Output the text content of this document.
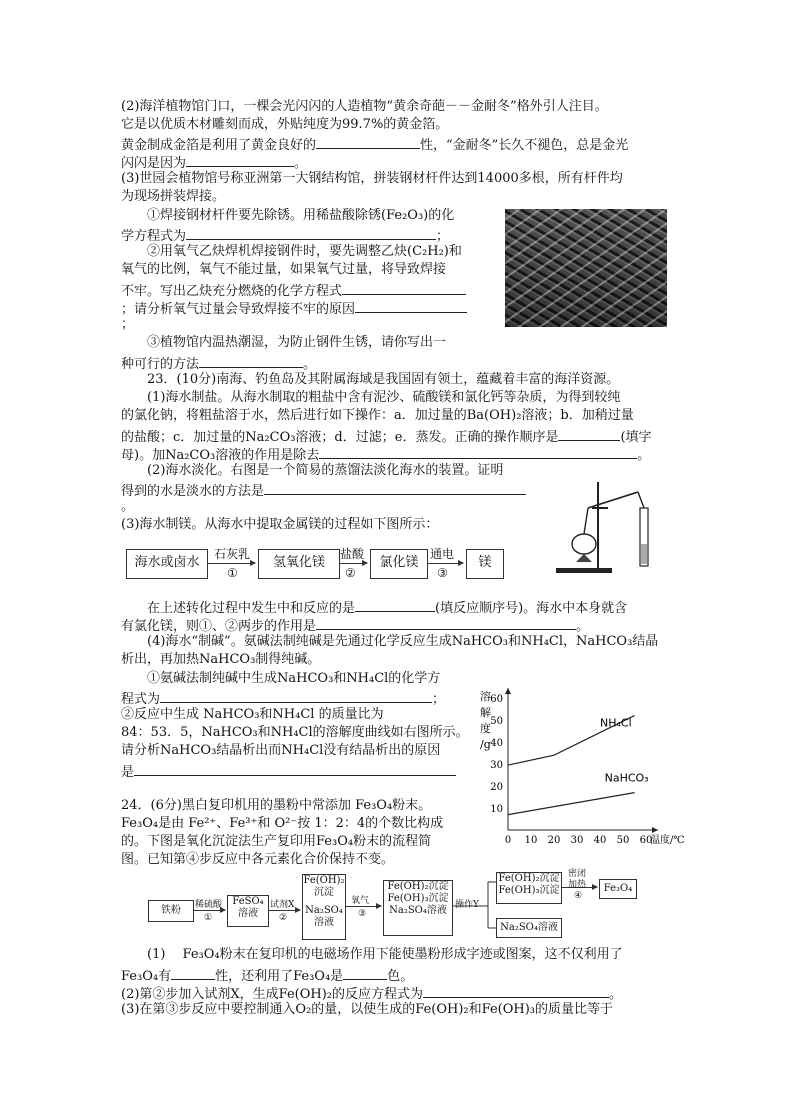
(2)海洋植物馆门口，一棵会光闪闪的人造植物“黄余奇葩－－金耐冬”格外引人注目。
它是以优质木材雕刻而成，外贴纯度为99.7%的黄金箔。
黄金制成金箔是利用了黄金良好的	性，“金耐冬”长久不褪色，总是金光
闪闪是因为	。
(3)世园会植物馆号称亚洲第一大钢结构馆，拼装钢材杆件达到14000多根，所有杆件均
为现场拼装焊接。
①焊接钢材杆件要先除锈。用稀盐酸除锈(Fe₂O₃)的化
学方程式为	；
②用氧气乙炔焊机焊接钢件时，要先调整乙炔(C₂H₂)和
氧气的比例，氧气不能过量，如果氧气过量，将导致焊接
不牢。写出乙炔充分燃烧的化学方程式
；请分析氧气过量会导致焊接不牢的原因
；
③植物馆内温热潮湿，为防止钢件生锈，请你写出一
种可行的方法	。
23．(10分)南海、钓鱼岛及其附属海域是我国固有领土，蕴藏着丰富的海洋资源。
(1)海水制盐。从海水制取的粗盐中含有泥沙、硫酸镁和氯化钙等杂质，为得到较纯
的氯化钠，将粗盐溶于水，然后进行如下操作：a．加过量的Ba(OH)₂溶液；b．加稍过量
的盐酸；c．加过量的Na₂CO₃溶液；d．过滤；e．蒸发。正确的操作顺序是	(填字
母)。加Na₂CO₃溶液的作用是除去	。
(2)海水淡化。右图是一个简易的蒸馏法淡化海水的装置。证明
得到的水是淡水的方法是
。
(3)海水制镁。从海水中提取金属镁的过程如下图所示：
海水或卤水
石灰乳
①
氢氧化镁
盐酸
②
氯化镁
通电
③
镁
在上述转化过程中发生中和反应的是	(填反应顺序号)。海水中本身就含
有氯化镁，则①、②两步的作用是	。
(4)海水“制碱”。氨碱法制纯碱是先通过化学反应生成NaHCO₃和NH₄Cl，NaHCO₃结晶
析出，再加热NaHCO₃制得纯碱。
①氨碱法制纯碱中生成NaHCO₃和NH₄Cl的化学方
程式为	；
②反应中生成 NaHCO₃和NH₄Cl 的质量比为
84：53．5，NaHCO₃和NH₄Cl的溶解度曲线如右图所示。
请分析NaHCO₃结晶析出而NH₄Cl没有结晶析出的原因
是
24．(6分)黑白复印机用的墨粉中常添加 Fe₃O₄粉末。
Fe₃O₄是由 Fe²⁺、Fe³⁺和 O²⁻按 1：2：4的个数比构成
的。下图是氧化沉淀法生产复印用Fe₃O₄粉末的流程简
图。已知第④步反应中各元素化合价保持不变。
0 10 20 30 40 50 60
10
20
30
40
50
60
温度/℃
溶
解
度
/g
NH₄Cl
NaHCO₃
铁粉	稀硫酸
①
FeSO₄
溶液
试剂X
②
Fe(OH)₂
沉淀
Na₂SO₄
溶液
氧气
③
Fe(OH)₂沉淀
Fe(OH)₃沉淀
Na₂SO₄溶液 操作Y
Fe(OH)₂沉淀
Fe(OH)₃沉淀
Na₂SO₄溶液
密闭
加热
④
Fe₃O₄
(1)　 Fe₃O₄粉末在复印机的电磁场作用下能使墨粉形成字迹或图案，这不仅利用了
Fe₃O₄有	性，还利用了Fe₃O₄是	色。
(2)第②步加入试剂X，生成Fe(OH)₂的反应方程式为	。
(3)在第③步反应中要控制通入O₂的量，以使生成的Fe(OH)₂和Fe(OH)₃的质量比等于
